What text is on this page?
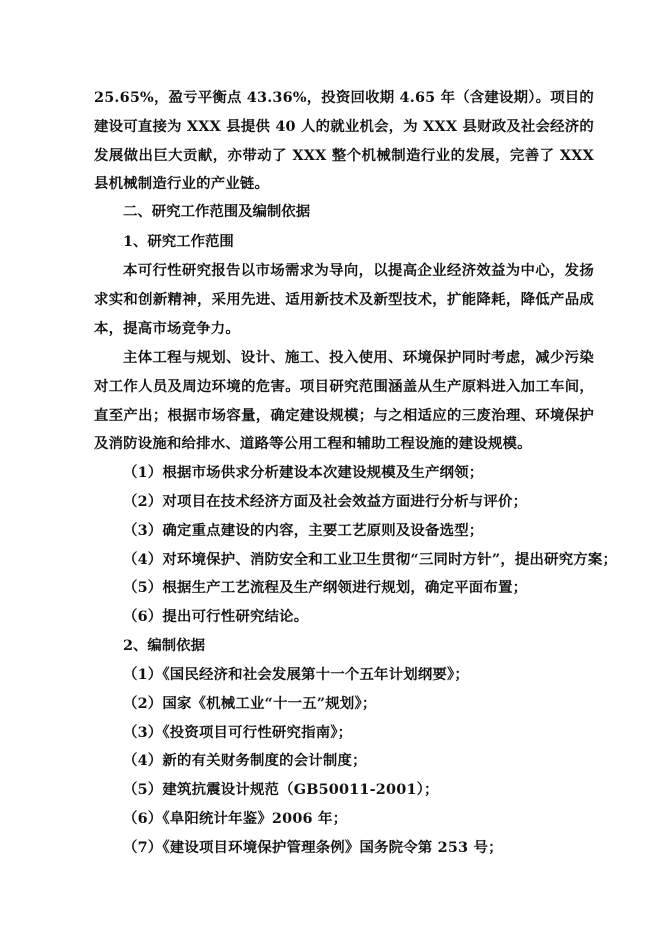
25.65%，盈亏平衡点 43.36%，投资回收期 4.65 年（含建设期）。项目的建设可直接为 XXX 县提供 40 人的就业机会，为 XXX 县财政及社会经济的发展做出巨大贡献，亦带动了 XXX 整个机械制造行业的发展，完善了 XXX 县机械制造行业的产业链。

二、研究工作范围及编制依据

1、研究工作范围

本可行性研究报告以市场需求为导向，以提高企业经济效益为中心，发扬求实和创新精神，采用先进、适用新技术及新型技术，扩能降耗，降低产品成本，提高市场竞争力。

主体工程与规划、设计、施工、投入使用、环境保护同时考虑，减少污染对工作人员及周边环境的危害。项目研究范围涵盖从生产原料进入加工车间，直至产出；根据市场容量，确定建设规模；与之相适应的三废治理、环境保护及消防设施和给排水、道路等公用工程和辅助工程设施的建设规模。

（1）根据市场供求分析建设本次建设规模及生产纲领；

（2）对项目在技术经济方面及社会效益方面进行分析与评价；

（3）确定重点建设的内容，主要工艺原则及设备选型；

（4）对环境保护、消防安全和工业卫生贯彻“三同时方针”，提出研究方案；

（5）根据生产工艺流程及生产纲领进行规划，确定平面布置；

（6）提出可行性研究结论。

2、编制依据

（1）《国民经济和社会发展第十一个五年计划纲要》；

（2）国家《机械工业“十一五”规划》；

（3）《投资项目可行性研究指南》；

（4）新的有关财务制度的会计制度；

（5）建筑抗震设计规范（GB50011-2001）；

（6）《阜阳统计年鉴》2006 年；

（7）《建设项目环境保护管理条例》国务院令第 253 号；
